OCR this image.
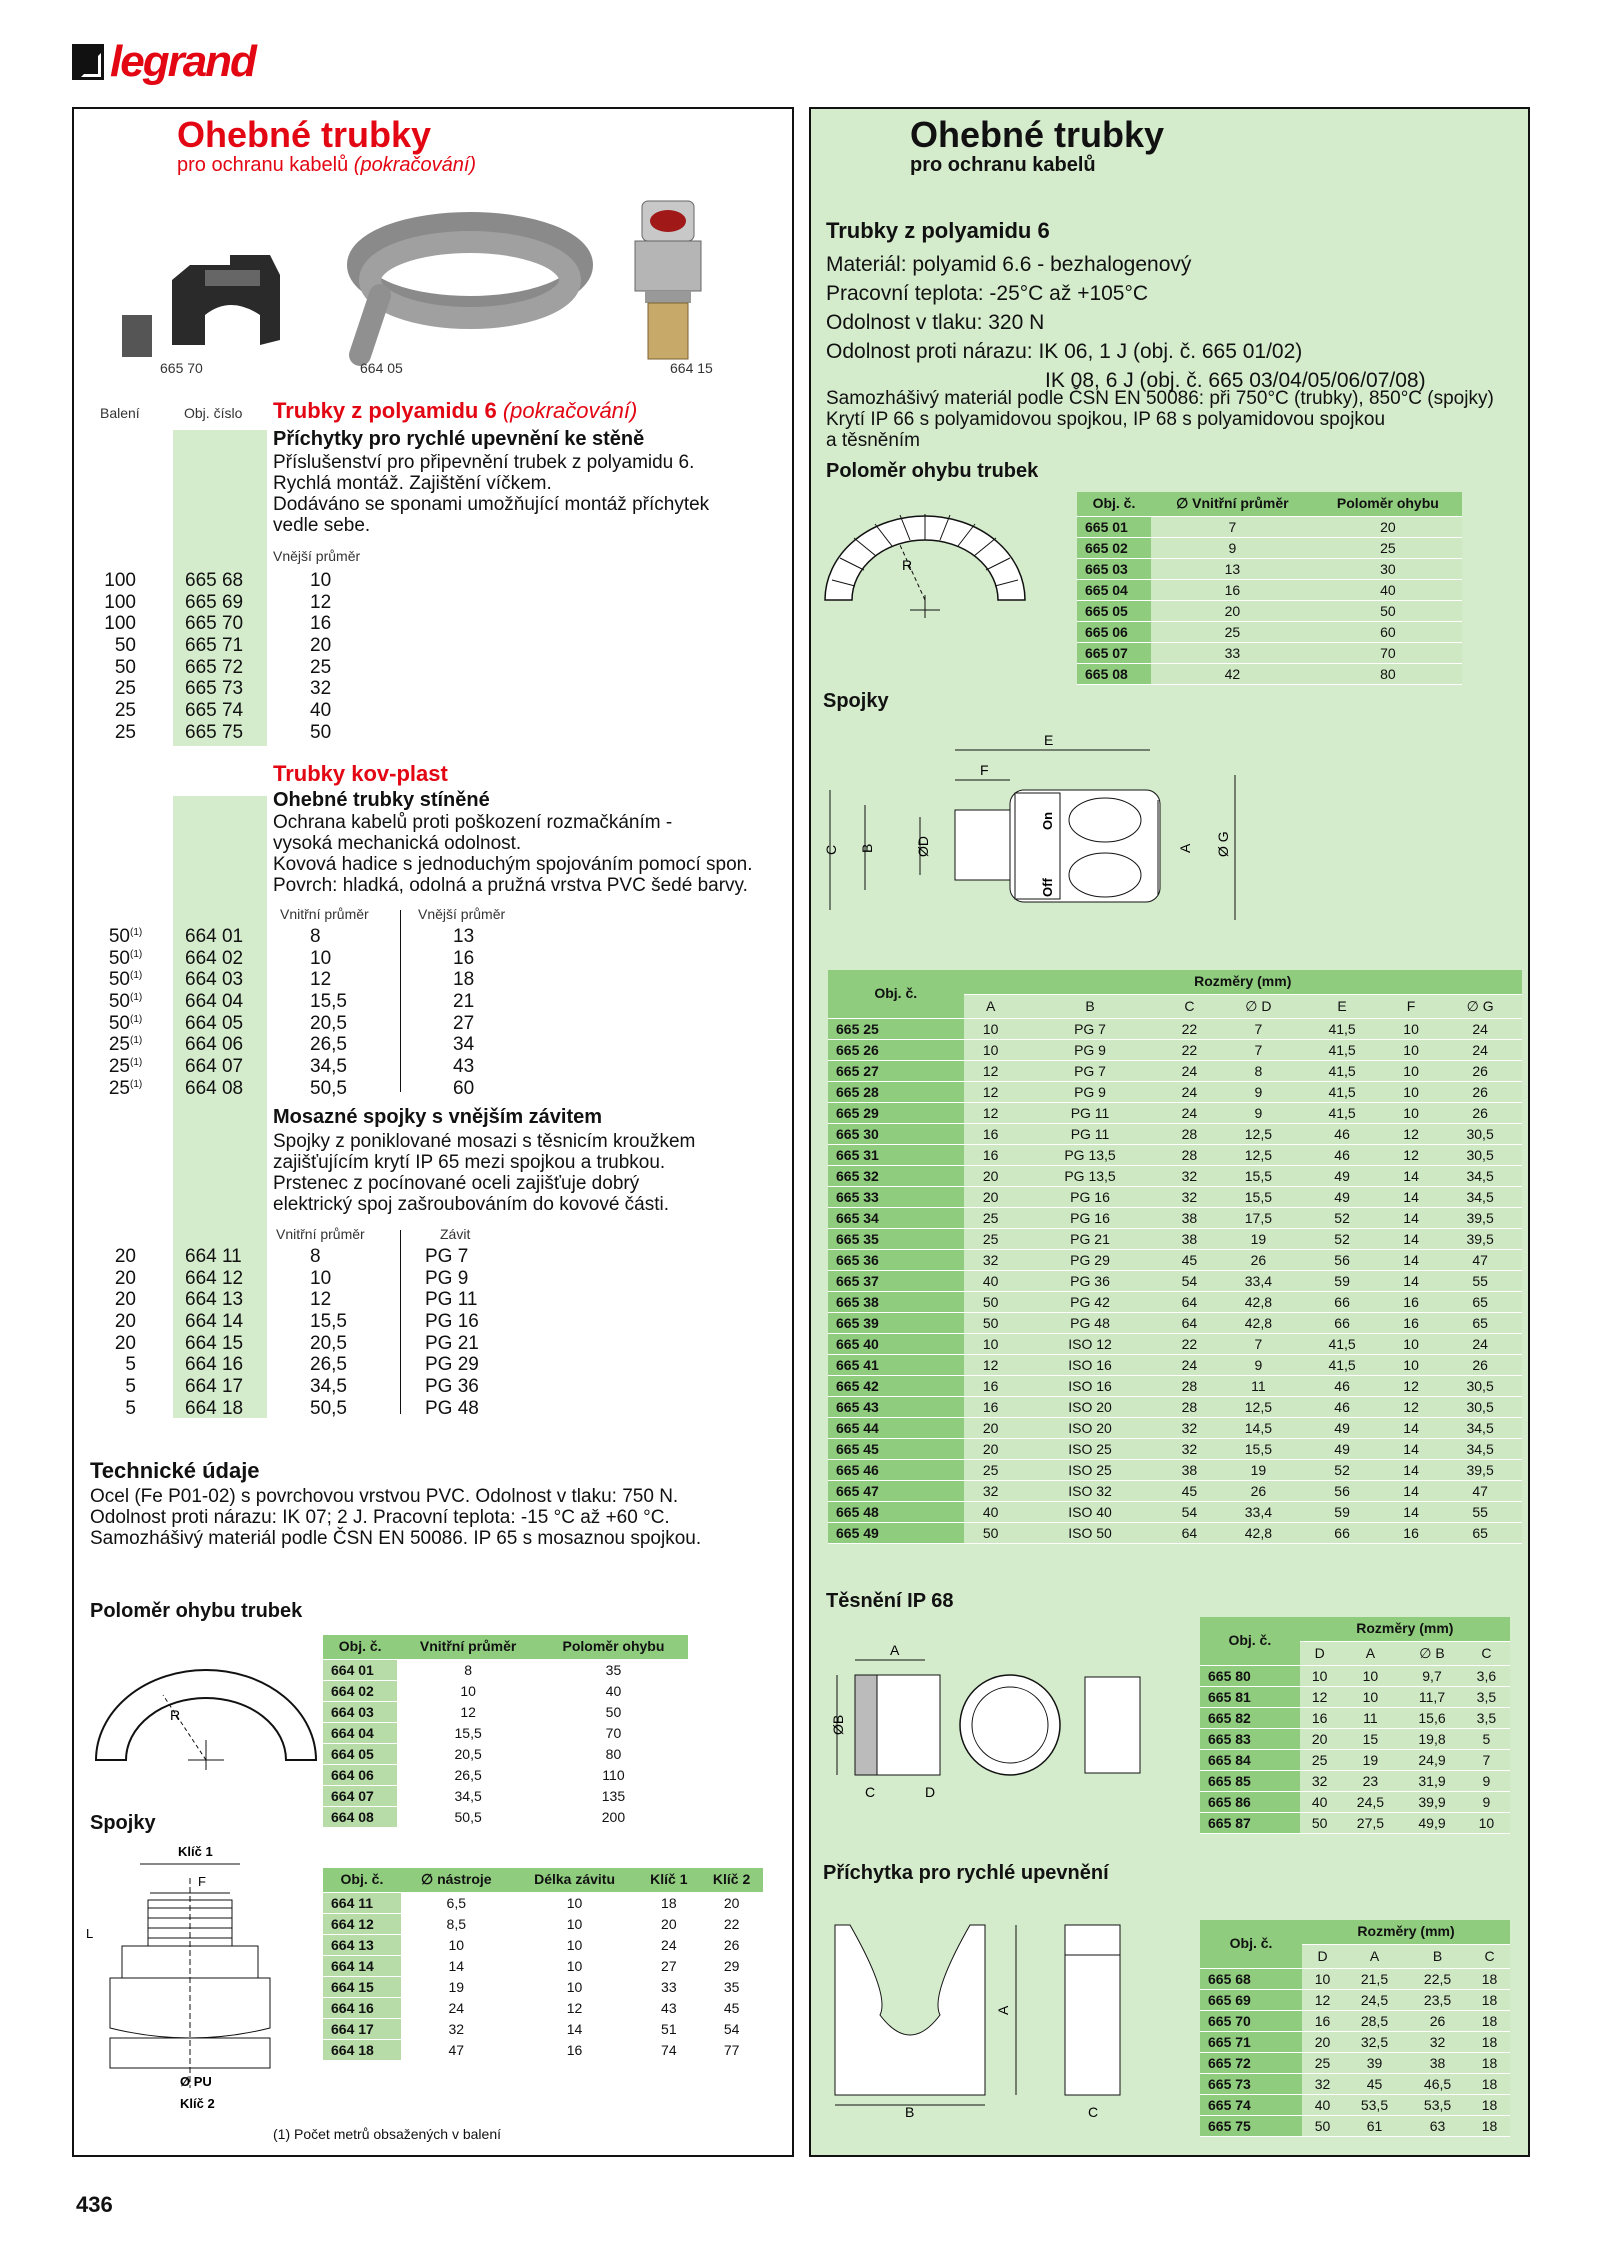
legrand
Ohebné trubky
pro ochranu kabelů (pokračování)
665 70	664 05	664 15
Balení	Obj. číslo Trubky z polyamidu 6 (pokračování)
Příchytky pro rychlé upevnění ke stěně
Příslušenství pro připevnění trubek z polyamidu 6.
Rychlá montáž. Zajištění víčkem.
Dodáváno se sponami umožňující montáž příchytek
vedle sebe.
Vnější průměr
100	665 68	10
100	665 69	12
100	665 70	16
50	665 71	20
50	665 72	25
25	665 73	32
25	665 74	40
25	665 75	50
Trubky kov-plast
Ohebné trubky stíněné
Ochrana kabelů proti poškození rozmačkáním -
vysoká mechanická odolnost.
Kovová hadice s jednoduchým spojováním pomocí spon.
Povrch: hladká, odolná a pružná vrstva PVC šedé barvy.
Vnitřní průměr	Vnější průměr
50	664 01	8	13
(1)
50	664 02	10	16
(1)
50	664 03	12	18
(1)
50	664 04	15,5	21
(1)
50	664 05	20,5	27
(1)
25	664 06	26,5	34
(1)
25	664 07	34,5	43
(1)
25	664 08	50,5	60
(1)
Mosazné spojky s vnějším závitem
Spojky z poniklované mosazi s těsnicím kroužkem
zajišťujícím krytí IP 65 mezi spojkou a trubkou.
Prstenec z pocínované oceli zajišťuje dobrý
elektrický spoj zašroubováním do kovové části.
Vnitřní průměr	Závit
20	664 11	8	PG 7
20	664 12	10	PG 9
20	664 13	12	PG 11
20	664 14	15,5	PG 16
20	664 15	20,5	PG 21
5	664 16	26,5	PG 29
5	664 17	34,5	PG 36
5	664 18	50,5	PG 48
Technické údaje
Ocel (Fe P01-02) s povrchovou vrstvou PVC. Odolnost v tlaku: 750 N.
Odolnost proti nárazu: IK 07; 2 J. Pracovní teplota: -15 °C až +60 °C.
Samozhášivý materiál podle ČSN EN 50086. IP 65 s mosaznou spojkou.
Poloměr ohybu trubek
R
Obj. č.	Vnitřní průměr	Poloměr ohybu
664 01	8	35
664 02	10	40
664 03	12	50
664 04	15,5	70
664 05	20,5	80
664 06	26,5	110
664 07	34,5	135
664 08	50,5	200
Spojky
Klíč 1
F
L
Ø PU
Klíč 2
Obj. č.	∅ nástroje	Délka závitu	Klíč 1	Klíč 2
664 11	6,5	10	18	20
664 12	8,5	10	20	22
664 13	10	10	24	26
664 14	14	10	27	29
664 15	19	10	33	35
664 16	24	12	43	45
664 17	32	14	51	54
664 18	47	16	74	77
(1) Počet metrů obsažených v balení
Ohebné trubky
pro ochranu kabelů
Trubky z polyamidu 6
Materiál: polyamid 6.6 - bezhalogenový
Pracovní teplota: -25°C až +105°C
Odolnost v tlaku: 320 N
Odolnost proti nárazu: IK 06, 1 J (obj. č. 665 01/02)
IK 08, 6 J (obj. č. 665 03/04/05/06/07/08)
Samozhášivý materiál podle ČSN EN 50086: při 750°C (trubky), 850°C (spojky)
Krytí IP 66 s polyamidovou spojkou, IP 68 s polyamidovou spojkou
a těsněním
Poloměr ohybu trubek
R
Obj. č.	∅ Vnitřní průměr	Poloměr ohybu
665 01	7	20
665 02	9	25
665 03	13	30
665 04	16	40
665 05	20	50
665 06	25	60
665 07	33	70
665 08	42	80
Spojky
E
F
On
Off
C B	ØD	A Ø G
Obj. č.	Rozměry (mm)						
	A	B	C	∅ D	E	F	∅ G
665 25	10	PG 7	22	7	41,5	10	24
665 26	10	PG 9	22	7	41,5	10	24
665 27	12	PG 7	24	8	41,5	10	26
665 28	12	PG 9	24	9	41,5	10	26
665 29	12	PG 11	24	9	41,5	10	26
665 30	16	PG 11	28	12,5	46	12	30,5
665 31	16	PG 13,5	28	12,5	46	12	30,5
665 32	20	PG 13,5	32	15,5	49	14	34,5
665 33	20	PG 16	32	15,5	49	14	34,5
665 34	25	PG 16	38	17,5	52	14	39,5
665 35	25	PG 21	38	19	52	14	39,5
665 36	32	PG 29	45	26	56	14	47
665 37	40	PG 36	54	33,4	59	14	55
665 38	50	PG 42	64	42,8	66	16	65
665 39	50	PG 48	64	42,8	66	16	65
665 40	10	ISO 12	22	7	41,5	10	24
665 41	12	ISO 16	24	9	41,5	10	26
665 42	16	ISO 16	28	11	46	12	30,5
665 43	16	ISO 20	28	12,5	46	12	30,5
665 44	20	ISO 20	32	14,5	49	14	34,5
665 45	20	ISO 25	32	15,5	49	14	34,5
665 46	25	ISO 25	38	19	52	14	39,5
665 47	32	ISO 32	45	26	56	14	47
665 48	40	ISO 40	54	33,4	59	14	55
665 49	50	ISO 50	64	42,8	66	16	65
Těsnění IP 68
A
ØB
C	D
Obj. č.	Rozměry (mm)			
	D	A	∅ B	C
665 80	10	10	9,7	3,6
665 81	12	10	11,7	3,5
665 82	16	11	15,6	3,5
665 83	20	15	19,8	5
665 84	25	19	24,9	7
665 85	32	23	31,9	9
665 86	40	24,5	39,9	9
665 87	50	27,5	49,9	10
Příchytka pro rychlé upevnění
B
A
C
Obj. č.	Rozměry (mm)			
	D	A	B	C
665 68	10	21,5	22,5	18
665 69	12	24,5	23,5	18
665 70	16	28,5	26	18
665 71	20	32,5	32	18
665 72	25	39	38	18
665 73	32	45	46,5	18
665 74	40	53,5	53,5	18
665 75	50	61	63	18
436
